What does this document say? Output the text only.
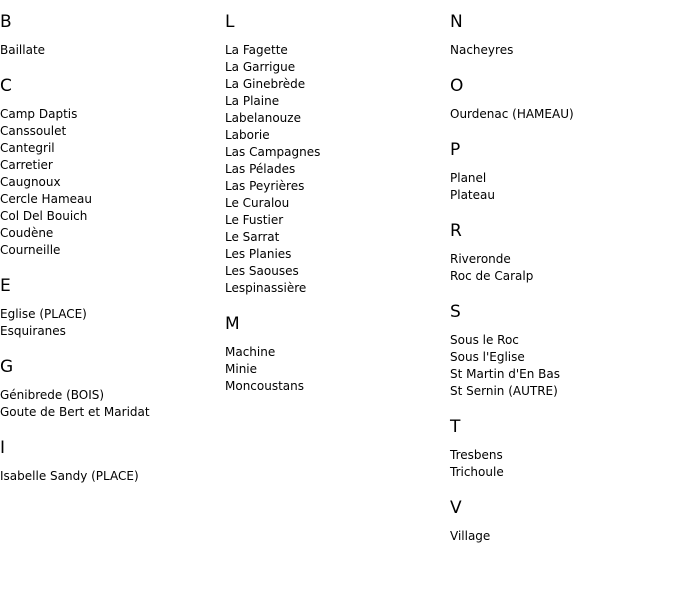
B
Baillate
C
Camp Daptis
Canssoulet
Cantegril
Carretier
Caugnoux
Cercle Hameau
Col Del Bouich
Coudène
Courneille
E
Eglise (PLACE)
Esquiranes
G
Génibrede (BOIS)
Goute de Bert et Maridat
I
Isabelle Sandy (PLACE)
L
La Fagette
La Garrigue
La Ginebrède
La Plaine
Labelanouze
Laborie
Las Campagnes
Las Pélades
Las Peyrières
Le Curalou
Le Fustier
Le Sarrat
Les Planies
Les Saouses
Lespinassière
M
Machine
Minie
Moncoustans
N
Nacheyres
O
Ourdenac (HAMEAU)
P
Planel
Plateau
R
Riveronde
Roc de Caralp
S
Sous le Roc
Sous l'Eglise
St Martin d'En Bas
St Sernin (AUTRE)
T
Tresbens
Trichoule
V
Village
